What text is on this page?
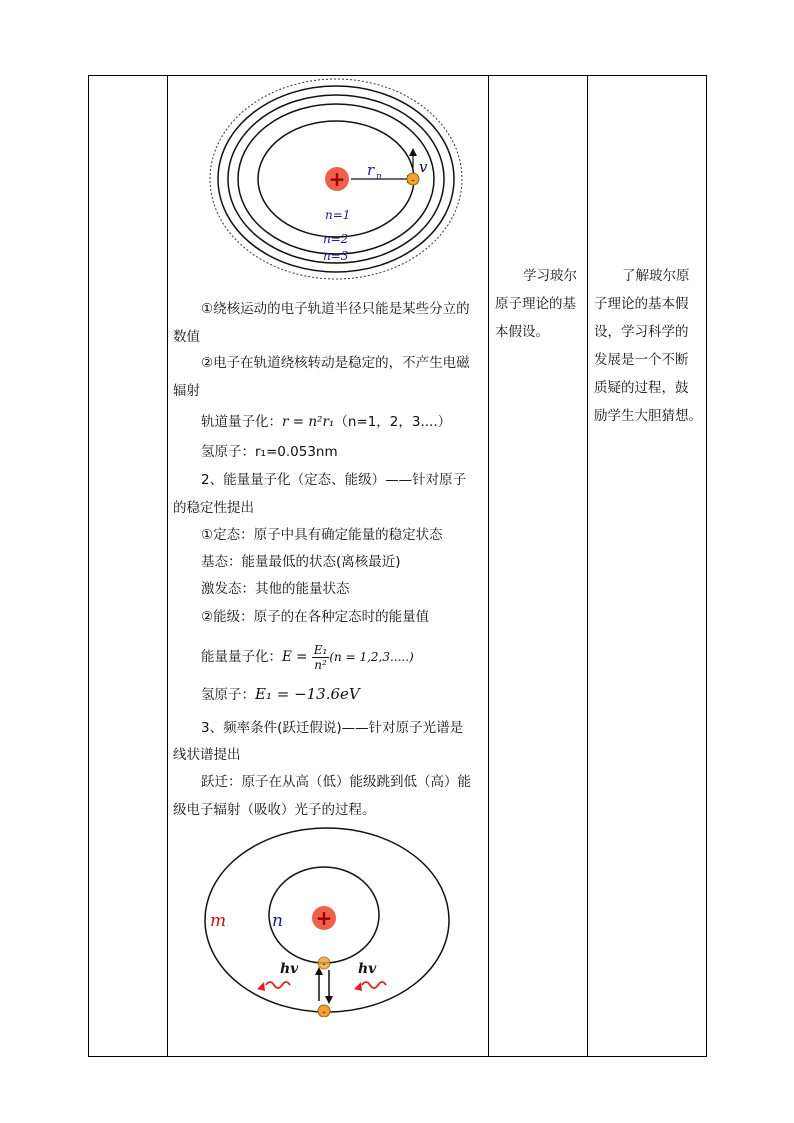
+	-
r n
v
n=1
n=2
n=3
①绕核运动的电子轨道半径只能是某些分立的
数值
②电子在轨道绕核转动是稳定的，不产生电磁
辐射
轨道量子化：r = n²r₁（n=1，2，3....）
氢原子：r₁=0.053nm
2、能量量子化（定态、能级）——针对原子
的稳定性提出
①定态：原子中具有确定能量的稳定状态
基态：能量最低的状态(离核最近)
激发态：其他的能量状态
②能级：原子的在各种定态时的能量值
能量量子化：$E = \frac{\text{E₁}}{\text{n²}} (n = 1,2,3.....)$
氢原子：E₁ = −13.6eV
3、频率条件(跃迁假说)——针对原子光谱是
线状谱提出
跃迁：原子在从高（低）能级跳到低（高）能
级电子辐射（吸收）光子的过程。
+
m	n
-
-
hv	hv
学习玻尔
原子理论的基
本假设。
了解玻尔原
子理论的基本假
设，学习科学的
发展是一个不断
质疑的过程，鼓
励学生大胆猜想。
